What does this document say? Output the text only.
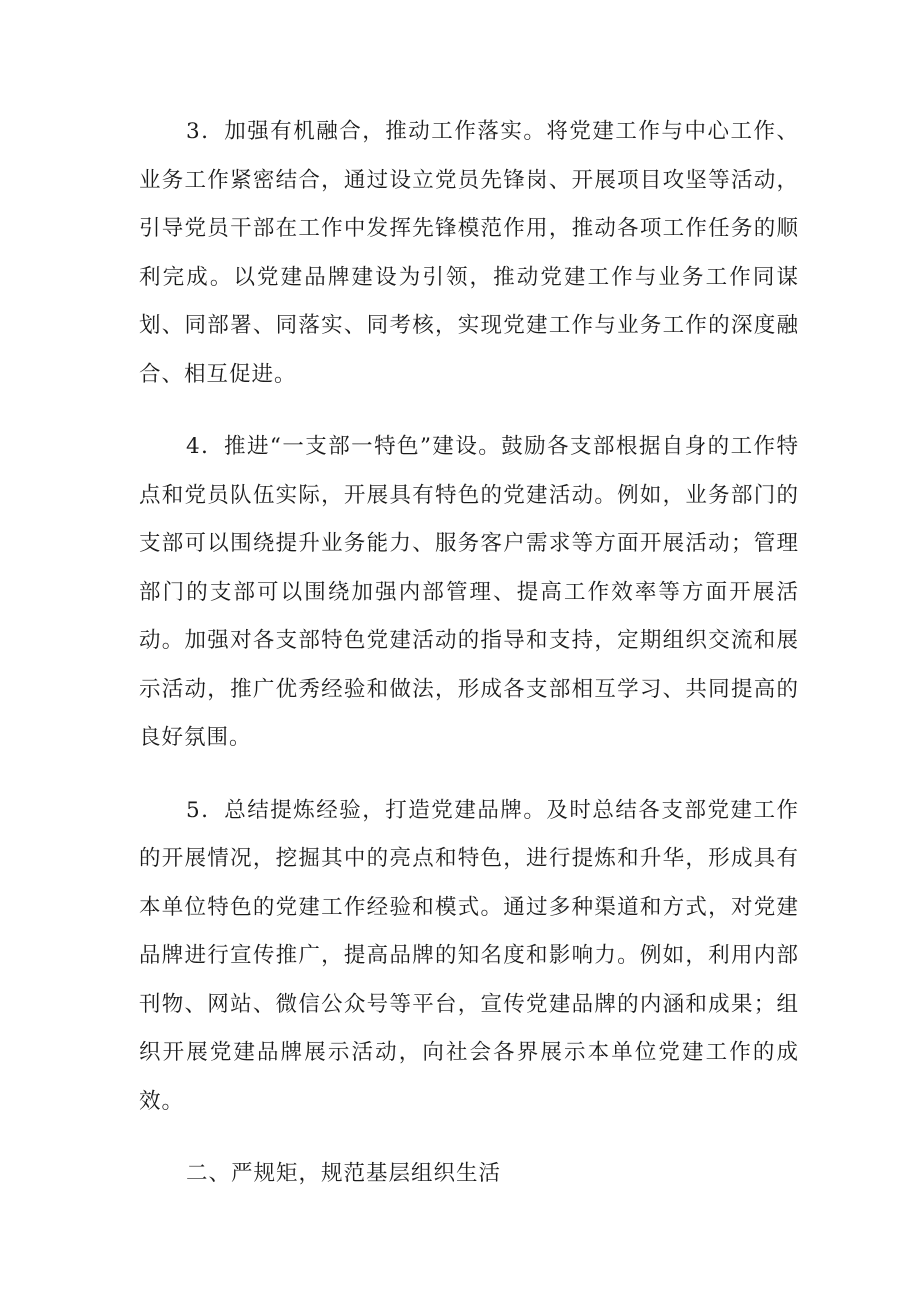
3．加强有机融合，推动工作落实。将党建工作与中心工作、业务工作紧密结合，通过设立党员先锋岗、开展项目攻坚等活动，引导党员干部在工作中发挥先锋模范作用，推动各项工作任务的顺利完成。以党建品牌建设为引领，推动党建工作与业务工作同谋划、同部署、同落实、同考核，实现党建工作与业务工作的深度融合、相互促进。

4．推进“一支部一特色”建设。鼓励各支部根据自身的工作特点和党员队伍实际，开展具有特色的党建活动。例如，业务部门的支部可以围绕提升业务能力、服务客户需求等方面开展活动；管理部门的支部可以围绕加强内部管理、提高工作效率等方面开展活动。加强对各支部特色党建活动的指导和支持，定期组织交流和展示活动，推广优秀经验和做法，形成各支部相互学习、共同提高的良好氛围。

5．总结提炼经验，打造党建品牌。及时总结各支部党建工作的开展情况，挖掘其中的亮点和特色，进行提炼和升华，形成具有本单位特色的党建工作经验和模式。通过多种渠道和方式，对党建品牌进行宣传推广，提高品牌的知名度和影响力。例如，利用内部刊物、网站、微信公众号等平台，宣传党建品牌的内涵和成果；组织开展党建品牌展示活动，向社会各界展示本单位党建工作的成效。

二、严规矩，规范基层组织生活
